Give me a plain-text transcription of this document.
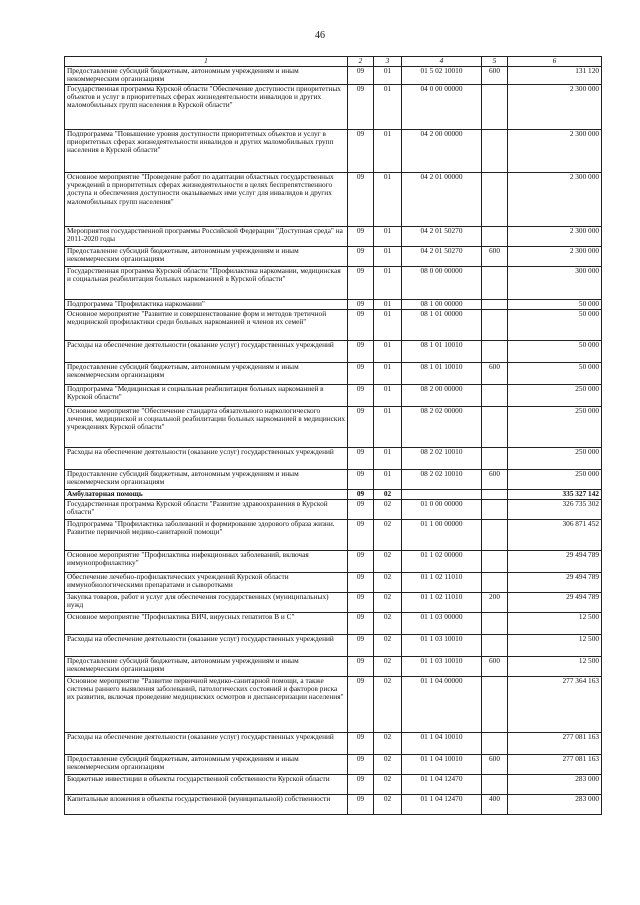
46
1	2	3	4	5	6
Предоставление субсидий бюджетным, автономным учреждениям и иным некоммерческим организациям	09	01	01 5 02 10010	600	131 120
Государственная программа Курской области "Обеспечение доступности приоритетных объектов и услуг в приоритетных сферах жизнедеятельности инвалидов и других маломобильных групп населения в Курской области"	09	01	04 0 00 00000		2 300 000
Подпрограмма "Повышение уровня доступности приоритетных объектов и услуг в приоритетных сферах жизнедеятельности инвалидов и других маломобильных групп населения в Курской области"	09	01	04 2 00 00000		2 300 000
Основное мероприятие "Проведение работ по адаптации областных государственных учреждений в приоритетных сферах жизнедеятельности в целях беспрепятственного доступа и обеспечения доступности оказываемых ими услуг для инвалидов и других маломобильных групп населения"	09	01	04 2 01 00000		2 300 000
Мероприятия государственной программы Российской Федерации "Доступная среда" на 2011-2020 годы	09	01	04 2 01 50270		2 300 000
Предоставление субсидий бюджетным, автономным учреждениям и иным некоммерческим организациям	09	01	04 2 01 50270	600	2 300 000
Государственная программа Курской области "Профилактика наркомании, медицинская и социальная реабилитация больных наркоманией в Курской области"	09	01	08 0 00 00000		300 000
Подпрограмма "Профилактика наркомании"	09	01	08 1 00 00000		50 000
Основное мероприятие "Развитие и совершенствование форм и методов третичной медицинской профилактики среди больных наркоманией и членов их семей"	09	01	08 1 01 00000		50 000
Расходы на обеспечение деятельности (оказание услуг) государственных учреждений	09	01	08 1 01 10010		50 000
Предоставление субсидий бюджетным, автономным учреждениям и иным некоммерческим организациям	09	01	08 1 01 10010	600	50 000
Подпрограмма "Медицинская и социальная реабилитация больных наркоманией в Курской области"	09	01	08 2 00 00000		250 000
Основное мероприятие "Обеспечение стандарта обязательного наркологического лечения, медицинской и социальной реабилитации больных наркоманией в медицинских учреждениях Курской области"	09	01	08 2 02 00000		250 000
Расходы на обеспечение деятельности (оказание услуг) государственных учреждений	09	01	08 2 02 10010		250 000
Предоставление субсидий бюджетным, автономным учреждениям и иным некоммерческим организациям	09	01	08 2 02 10010	600	250 000
Амбулаторная помощь	09	02			335 327 142
Государственная программа Курской области "Развитие здравоохранения в Курской области"	09	02	01 0 00 00000		326 735 302
Подпрограмма "Профилактика заболеваний и формирование здорового образа жизни. Развитие первичной медико-санитарной помощи"	09	02	01 1 00 00000		306 871 452
Основное мероприятие "Профилактика инфекционных заболеваний, включая иммунопрофилактику"	09	02	01 1 02 00000		29 494 789
Обеспечение лечебно-профилактических учреждений Курской области иммунобиологическими препаратами и сыворотками	09	02	01 1 02 11010		29 494 789
Закупка товаров, работ и услуг для обеспечения государственных (муниципальных) нужд	09	02	01 1 02 11010	200	29 494 789
Основное мероприятие "Профилактика ВИЧ, вирусных гепатитов В и С"	09	02	01 1 03 00000		12 500
Расходы на обеспечение деятельности (оказание услуг) государственных учреждений	09	02	01 1 03 10010		12 500
Предоставление субсидий бюджетным, автономным учреждениям и иным некоммерческим организациям	09	02	01 1 03 10010	600	12 500
Основное мероприятие "Развитие первичной медико-санитарной помощи, а также системы раннего выявления заболеваний, патологических состояний и факторов риска их развития, включая проведение медицинских осмотров и диспансеризации населения"	09	02	01 1 04 00000		277 364 163
Расходы на обеспечение деятельности (оказание услуг) государственных учреждений	09	02	01 1 04 10010		277 081 163
Предоставление субсидий бюджетным, автономным учреждениям и иным некоммерческим организациям	09	02	01 1 04 10010	600	277 081 163
Бюджетные инвестиции в объекты государственной собственности Курской области	09	02	01 1 04 12470		283 000
Капитальные вложения в объекты государственной (муниципальной) собственности	09	02	01 1 04 12470	400	283 000
